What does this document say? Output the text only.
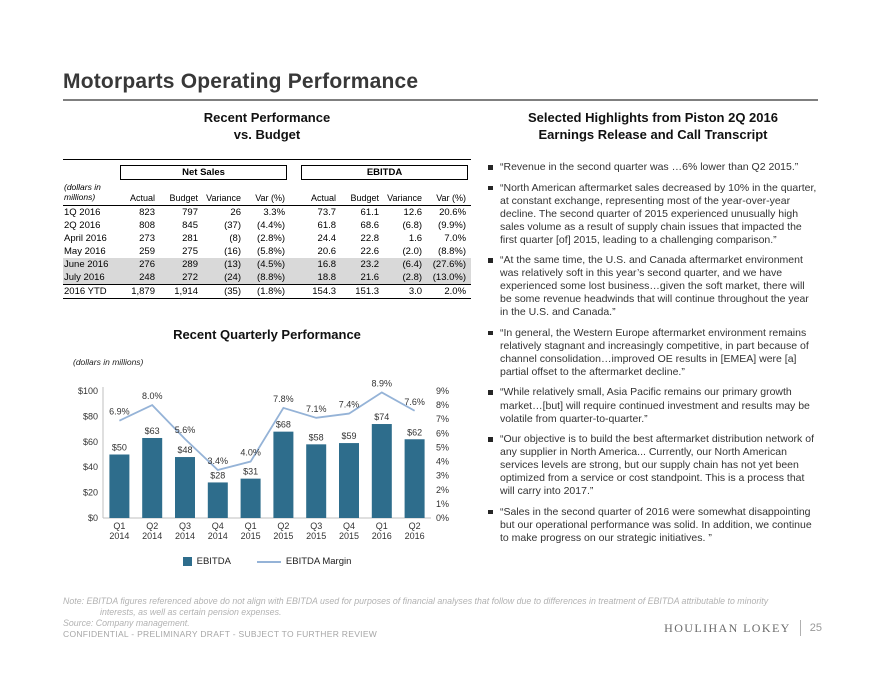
Motorparts Operating Performance
Recent Performance
vs. Budget

	Net Sales					EBITDA			

(dollars in millions)	Actual	Budget	Variance	Var (%)		Actual	Budget	Variance	Var (%)
1Q 2016	823	797	26	3.3%		73.7	61.1	12.6	20.6%
2Q 2016	808	845	(37)	(4.4%)		61.8	68.6	(6.8)	(9.9%)
April 2016	273	281	(8)	(2.8%)		24.4	22.8	1.6	7.0%
May 2016	259	275	(16)	(5.8%)		20.6	22.6	(2.0)	(8.8%)
June 2016	276	289	(13)	(4.5%)		16.8	23.2	(6.4)	(27.6%)
July 2016	248	272	(24)	(8.8%)		18.8	21.6	(2.8)	(13.0%)
2016 YTD	1,879	1,914	(35)	(1.8%)		154.3	151.3	3.0	2.0%
Recent Quarterly Performance
(dollars in millions)
$0
$20
$40
$60
$80
$100
0%
1%
2%
3%
4%
5%
6%
7%
8%
9%
$50
$63
$48
$28 $31
$68
$58 $59
$74
$62
6.9%
8.0%
5.6%
3.4%
4.0%
7.8%
7.1% 7.4%
8.9%
7.6%
Q1
2014
Q2
2014
Q3
2014
Q4
2014
Q1
2015
Q2
2015
Q3
2015
Q4
2015
Q1
2016
Q2
2016
EBITDA	EBITDA Margin
Selected Highlights from Piston 2Q 2016
Earnings Release and Call Transcript
“Revenue in the second quarter was …6% lower than Q2 2015.”
“North American aftermarket sales decreased by 10% in the quarter, at constant exchange, representing most of the year-over-year decline. The second quarter of 2015 experienced unusually high sales volume as a result of supply chain issues that impacted the first quarter [of] 2015, leading to a challenging comparison.”
“At the same time, the U.S. and Canada aftermarket environment was relatively soft in this year’s second quarter, and we have experienced some lost business…given the soft market, there will be some revenue headwinds that will continue throughout the year in the U.S. and Canada.”
“In general, the Western Europe aftermarket environment remains relatively stagnant and increasingly competitive, in part because of channel consolidation…improved OE results in [EMEA] were [a] partial offset to the aftermarket decline.”
“While relatively small, Asia Pacific remains our primary growth market…[but] will require continued investment and results may be volatile from quarter-to-quarter.”
“Our objective is to build the best aftermarket distribution network of any supplier in North America... Currently, our North American services levels are strong, but our supply chain has not yet been optimized from a service or cost standpoint. This is a process that will carry into 2017.”
“Sales in the second quarter of 2016 were somewhat disappointing but our operational performance was solid. In addition, we continue to make progress on our strategic initiatives. ”
Note: EBITDA figures referenced above do not align with EBITDA used for purposes of financial analyses that follow due to differences in treatment of EBITDA attributable to minority
interests, as well as certain pension expenses.
Source: Company management.
CONFIDENTIAL - PRELIMINARY DRAFT - SUBJECT TO FURTHER REVIEW	HOULIHAN LOKEY 25
